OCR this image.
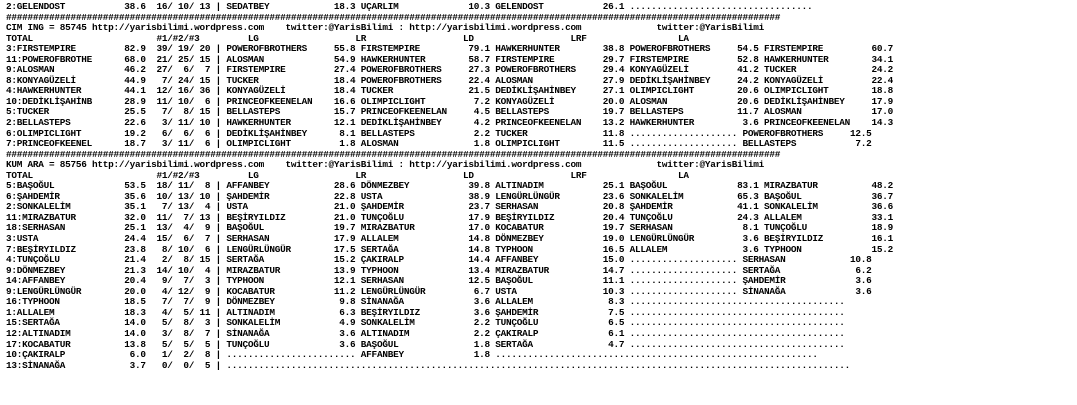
2:GELENDOST           38.6  16/ 10/ 13 | SEDATBEY            18.3 UÇARLIM             10.3 GELENDOST           26.1 ..................................
################################################################################################################################################
CIM ING = 85745 http://yarisbilimi.wordpress.com    twitter:@YarisBilimi : http://yarisbilimi.wordpress.com              twitter:@YarisBilimi
TOTAL                       #1/#2/#3         LG                  LR                  LD                  LRF                 LA
3:FIRSTEMPIRE         82.9  39/ 19/ 20 | POWEROFBROTHERS     55.8 FIRSTEMPIRE         79.1 HAWKERHUNTER        38.8 POWEROFBROTHERS     54.5 FIRSTEMPIRE         60.7
11:POWEROFBROTHE      68.0  21/ 25/ 15 | ALOSMAN             54.9 HAWKERHUNTER        58.7 FIRSTEMPIRE         29.7 FIRSTEMPIRE         52.8 HAWKERHUNTER        34.1
9:ALOSMAN             46.2  27/  6/  7 | FIRSTEMPIRE         27.4 POWEROFBROTHERS     27.3 POWEROFBROTHERS     29.4 KONYAGÜZELİ         41.2 TUCKER              24.2
8:KONYAGÜZELİ         44.9   7/ 24/ 15 | TUCKER              18.4 POWEROFBROTHERS     22.4 ALOSMAN             27.9 DEDİKLİŞAHİNBEY     24.2 KONYAGÜZELİ         22.4
4:HAWKERHUNTER        44.1  12/ 16/ 36 | KONYAGÜZELİ         18.4 TUCKER              21.5 DEDİKLİŞAHİNBEY     27.1 OLIMPICLIGHT        20.6 OLIMPICLIGHT        18.8
10:DEDİKLİŞAHİNB      28.9  11/ 10/  6 | PRINCEOFKEENELAN    16.6 OLIMPICLIGHT         7.2 KONYAGÜZELİ         20.0 ALOSMAN             20.6 DEDİKLİŞAHİNBEY     17.9
5:TUCKER              25.5   7/  8/ 15 | BELLASTEPS          15.7 PRINCEOFKEENELAN     4.5 BELLASTEPS          19.7 BELLASTEPS          11.7 ALOSMAN             17.0
2:BELLASTEPS          22.6   3/ 11/ 10 | HAWKERHUNTER        12.1 DEDİKLİŞAHİNBEY      4.2 PRINCEOFKEENELAN    13.2 HAWKERHUNTER         3.6 PRINCEOFKEENELAN    14.3
6:OLIMPICLIGHT        19.2   6/  6/  6 | DEDİKLİŞAHİNBEY      8.1 BELLASTEPS           2.2 TUCKER              11.8 .................... POWEROFBROTHERS     12.5
7:PRINCEOFKEENEL      18.7   3/ 11/  6 | OLIMPICLIGHT         1.8 ALOSMAN              1.8 OLIMPICLIGHT        11.5 .................... BELLASTEPS           7.2
################################################################################################################################################
KUM ARA = 85756 http://yarisbilimi.wordpress.com    twitter:@YarisBilimi : http://yarisbilimi.wordpress.com              twitter:@YarisBilimi
TOTAL                       #1/#2/#3         LG                  LR                  LD                  LRF                 LA
5:BAŞOĞUL             53.5  18/ 11/  8 | AFFANBEY            28.6 DÖNMEZBEY           39.8 ALTINADIM           25.1 BAŞOĞUL             83.1 MIRAZBATUR          48.2
6:ŞAHDEMİR            35.6  10/ 13/ 10 | ŞAHDEMİR            22.8 USTA                38.9 LENGÜRLÜNGÜR        23.6 SONKALELİM          65.3 BAŞOĞUL             36.7
2:SONKALELİM          35.1   7/ 13/  4 | USTA                21.0 ŞAHDEMİR            23.7 SERHASAN            20.8 ŞAHDEMİR            41.1 SONKALELİM          36.6
11:MIRAZBATUR         32.0  11/  7/ 13 | BEŞİRYILDIZ         21.0 TUNÇOĞLU            17.9 BEŞİRYILDIZ         20.4 TUNÇOĞLU            24.3 ALLALEM             33.1
18:SERHASAN           25.1  13/  4/  9 | BAŞOĞUL             19.7 MIRAZBATUR          17.0 KOCABATUR           19.7 SERHASAN             8.1 TUNÇOĞLU            18.9
3:USTA                24.4  15/  6/  7 | SERHASAN            17.9 ALLALEM             14.8 DÖNMEZBEY           19.0 LENGÜRLÜNGÜR         3.6 BEŞİRYILDIZ         16.1
7:BEŞİRYILDIZ         23.8   8/ 10/  6 | LENGÜRLÜNGÜR        17.5 SERTAĞA             14.8 TYPHOON             16.5 ALLALEM              3.6 TYPHOON             15.2
4:TUNÇOĞLU            21.4   2/  8/ 15 | SERTAĞA             15.2 ÇAKIRALP            14.4 AFFANBEY            15.0 .................... SERHASAN            10.8
9:DÖNMEZBEY           21.3  14/ 10/  4 | MIRAZBATUR          13.9 TYPHOON             13.4 MIRAZBATUR          14.7 .................... SERTAĞA              6.2
14:AFFANBEY           20.4   9/  7/  3 | TYPHOON             12.1 SERHASAN            12.5 BAŞOĞUL             11.1 .................... ŞAHDEMİR             3.6
9:LENGÜRLÜNGÜR        20.0   4/ 12/  9 | KOCABATUR           11.2 LENGÜRLÜNGÜR         6.7 USTA                10.3 .................... SİNANAĞA             3.6
16:TYPHOON            18.5   7/  7/  9 | DÖNMEZBEY            9.8 SİNANAĞA             3.6 ALLALEM              8.3 ........................................
1:ALLALEM             18.3   4/  5/ 11 | ALTINADIM            6.3 BEŞİRYILDIZ          3.6 ŞAHDEMİR             7.5 ........................................
15:SERTAĞA            14.0   5/  8/  3 | SONKALELİM           4.9 SONKALELİM           2.2 TUNÇOĞLU             6.5 ........................................
12:ALTINADIM          14.0   3/  8/  7 | SİNANAĞA             3.6 ALTINADIM            2.2 ÇAKIRALP             6.1 ........................................
17:KOCABATUR          13.8   5/  5/  5 | TUNÇOĞLU             3.6 BAŞOĞUL              1.8 SERTAĞA              4.7 ........................................
10:ÇAKIRALP            6.0   1/  2/  8 | ........................ AFFANBEY             1.8 ............................................................
13:SİNANAĞA            3.7   0/  0/  5 | ....................................................................................................................
